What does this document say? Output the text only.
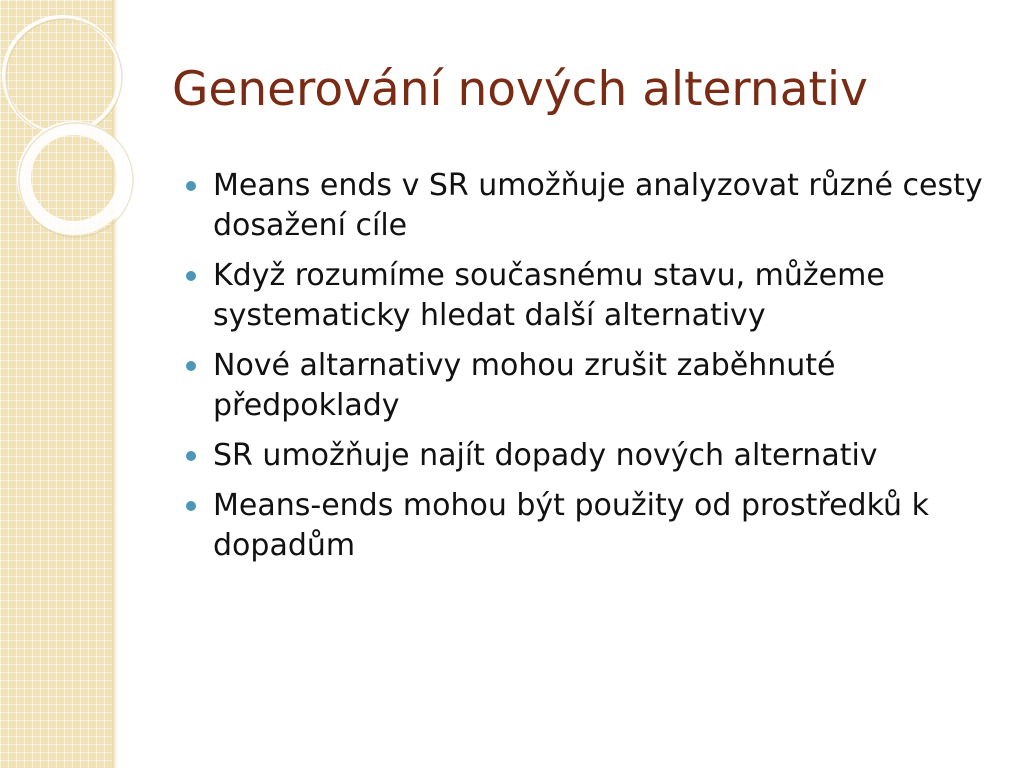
Generování nových alternativ
Means ends v SR umožňuje analyzovat různé cesty dosažení cíle
Když rozumíme současnému stavu, můžeme systematicky hledat další alternativy
Nové altarnativy mohou zrušit zaběhnuté předpoklady
SR umožňuje najít dopady nových alternativ
Means-ends mohou být použity od prostředků k dopadům
